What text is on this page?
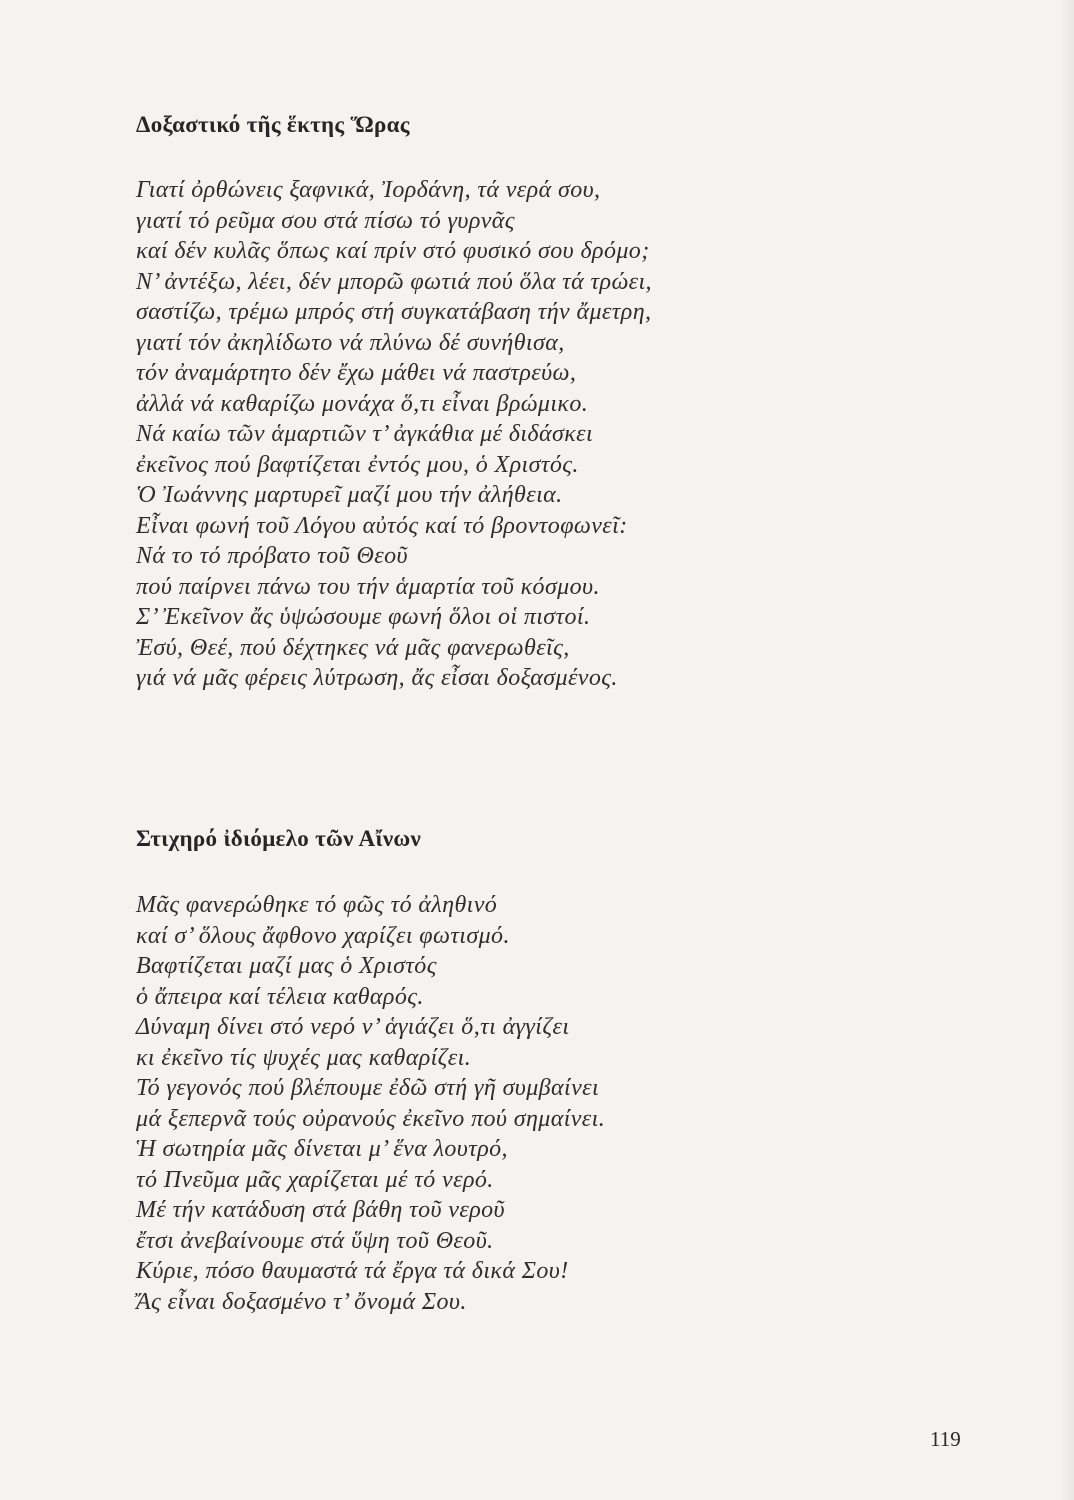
Δοξαστικό τῆς ἕκτης Ὥρας
Γιατί ὀρθώνεις ξαφνικά, Ἰορδάνη, τά νερά σου,
γιατί τό ρεῦμα σου στά πίσω τό γυρνᾶς
καί δέν κυλᾶς ὅπως καί πρίν στό φυσικό σου δρόμο;
Ν’ ἀντέξω, λέει, δέν μπορῶ φωτιά πού ὅλα τά τρώει,
σαστίζω, τρέμω μπρός στή συγκατάβαση τήν ἄμετρη,
γιατί τόν ἀκηλίδωτο νά πλύνω δέ συνήθισα,
τόν ἀναμάρτητο δέν ἔχω μάθει νά παστρεύω,
ἀλλά νά καθαρίζω μονάχα ὅ,τι εἶναι βρώμικο.
Νά καίω τῶν ἁμαρτιῶν τ’ ἀγκάθια μέ διδάσκει
ἐκεῖνος πού βαφτίζεται ἐντός μου, ὁ Χριστός.
Ὁ Ἰωάννης μαρτυρεῖ μαζί μου τήν ἀλήθεια.
Εἶναι φωνή τοῦ Λόγου αὐτός καί τό βροντοφωνεῖ:
Νά το τό πρόβατο τοῦ Θεοῦ
πού παίρνει πάνω του τήν ἁμαρτία τοῦ κόσμου.
Σ’ Ἐκεῖνον ἄς ὑψώσουμε φωνή ὅλοι οἱ πιστοί.
Ἐσύ, Θεέ, πού δέχτηκες νά μᾶς φανερωθεῖς,
γιά νά μᾶς φέρεις λύτρωση, ἄς εἶσαι δοξασμένος.
Στιχηρό ἰδιόμελο τῶν Αἴνων
Μᾶς φανερώθηκε τό φῶς τό ἀληθινό
καί σ’ ὅλους ἄφθονο χαρίζει φωτισμό.
Βαφτίζεται μαζί μας ὁ Χριστός
ὁ ἄπειρα καί τέλεια καθαρός.
Δύναμη δίνει στό νερό ν’ ἁγιάζει ὅ,τι ἀγγίζει
κι ἐκεῖνο τίς ψυχές μας καθαρίζει.
Τό γεγονός πού βλέπουμε ἐδῶ στή γῆ συμβαίνει
μά ξεπερνᾶ τούς οὐρανούς ἐκεῖνο πού σημαίνει.
Ἡ σωτηρία μᾶς δίνεται μ’ ἕνα λουτρό,
τό Πνεῦμα μᾶς χαρίζεται μέ τό νερό.
Μέ τήν κατάδυση στά βάθη τοῦ νεροῦ
ἔτσι ἀνεβαίνουμε στά ὕψη τοῦ Θεοῦ.
Κύριε, πόσο θαυμαστά τά ἔργα τά δικά Σου!
Ἄς εἶναι δοξασμένο τ’ ὄνομά Σου.
119
